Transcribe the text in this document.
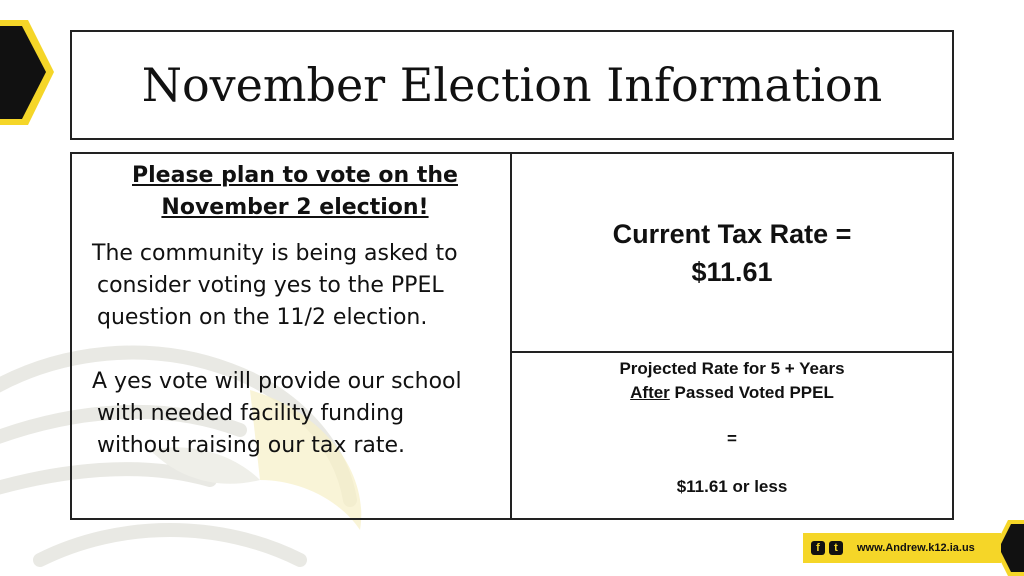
November Election Information
Please plan to vote on the
November 2 election!

The community is being asked to
consider voting yes to the PPEL
question on the 11/2 election.

A yes vote will provide our school
with needed facility funding
without raising our tax rate.

Current Tax Rate =
$11.61
Projected Rate for 5 + Years
After Passed Voted PPEL
=
$11.61 or less
f	t	www.Andrew.k12.ia.us
